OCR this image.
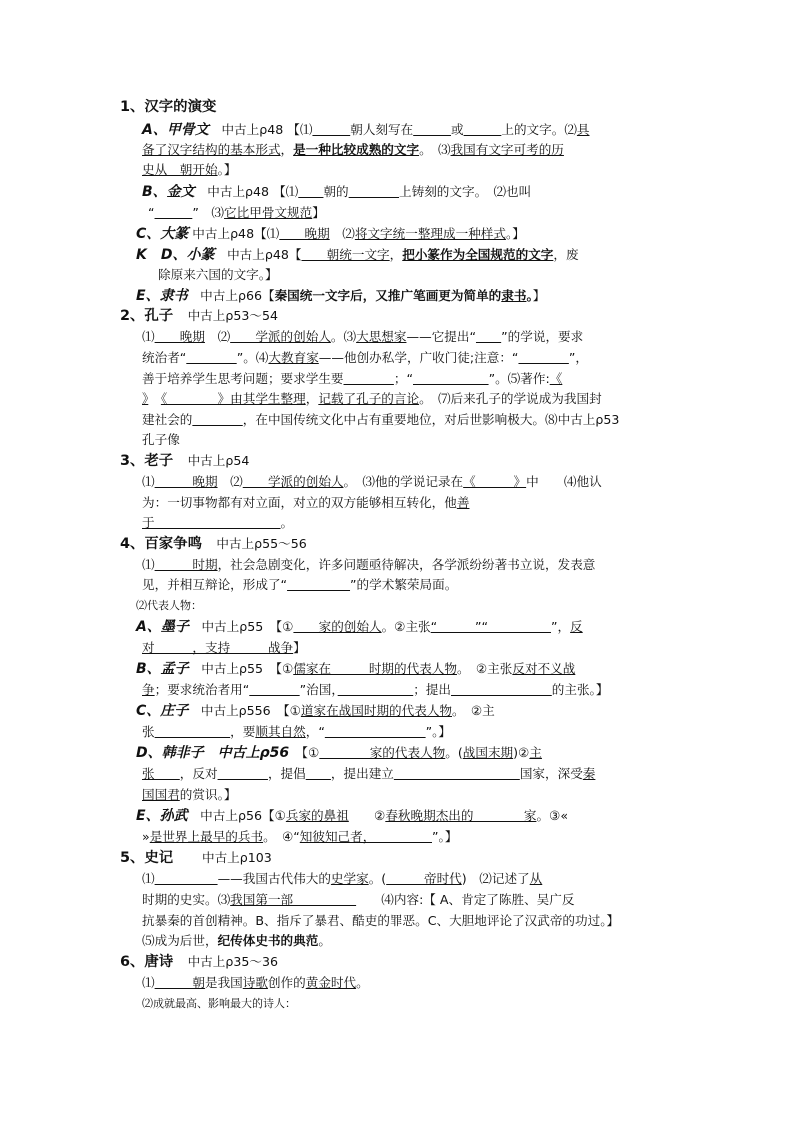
1、汉字的演变
A、甲骨文　中古上ρ48 【⑴　　　	朝人刻写在　　　	或　　　	上的文字。⑵具
备了汉字结构的基本形式，是一种比较成熟的文字。　⑶我国有文字可考的历
史从　朝开始。】
B、金文　中古上ρ48 【⑴　　 朝的　　　　	上铸刻的文字。　⑵也叫
“　　　	”　⑶它比甲骨文规范】
C、大篆 中古上ρ48【⑴　　晚期　⑵将文字统一整理成一种样式。】
K　D、小篆　中古上ρ48【　　朝统一文字，把小篆作为全国规范的文字，废
除原来六国的文字。】
E、隶书　中古上ρ66【秦国统一文字后，又推广笔画更为简单的隶书。】
2、孔子　中古上ρ53～54
⑴　　晚期　⑵　　学派的创始人。⑶大思想家——它提出“　　 ”的学说，要求
统治者“　　　　	”。⑷大教育家——他创办私学，广收门徒;注意：“　　　　	”，
善于培养学生思考问题；要求学生要　　　　	；“　　　　　　	”。⑸著作:《
》　 《　　　　》由其学生整理，记载了孔子的言论。　⑺后来孔子的学说成为我国封
建社会的　　　　	，在中国传统文化中占有重要地位，对后世影响极大。⑻中古上ρ53
孔子像
3、老子　中古上ρ54
⑴　　　晚期　⑵　　学派的创始人。　⑶他的学说记录在《　　　》中　　⑷他认
为：一切事物都有对立面，对立的双方能够相互转化，他善
于　　　　　　　　　　。
4、百家争鸣　中古上ρ55～56
⑴　　　时期，社会急剧变化，许多问题亟待解决，各学派纷纷著书立说，发表意
见，并相互辩论，形成了“　　　　　	”的学术繁荣局面。
⑵代表人物：
A、墨子　中古上ρ55　【①　　家的创始人。②主张“　　　”“　　　　　”，反
对　　　，支持　　　战争】
B、孟子　中古上ρ55　【①儒家在　　　时期的代表人物。　②主张反对不义战
争；要求统治者用“　　　　	”治国，　　　　　　	；提出　　　　　　　　	的主张。】
C、庄子　中古上ρ556　【①道家在战国时期的代表人物。　②主
张　　　　　　	，要顺其自然，“　　　　　　　　	”。】
D、韩非子　中古上ρ56　【①　　　　家的代表人物。(战国末期)②主
张　　，反对　　　　	，提倡　　 ，提出建立　　　　　　　　　　	国家，深受秦
国国君的赏识。】
E、孙武　中古上ρ56【①兵家的鼻祖　　②春秋晚期杰出的　　　　家。③«
»是世界上最早的兵书。　④“知彼知己者，　　　　　”。】
5、史记　　中古上ρ103
⑴　　　　　	——我国古代伟大的史学家。(　　　帝时代)　⑵记述了从
时期的史实。⑶我国第一部　　　　　　　⑷内容:【 A、肯定了陈胜、吴广反
抗暴秦的首创精神。B、指斥了暴君、酷吏的罪恶。C、大胆地评论了汉武帝的功过。】
⑸成为后世，纪传体史书的典范。
6、唐诗　中古上ρ35～36
⑴　　　朝是我国诗歌创作的黄金时代。
⑵成就最高、影响最大的诗人：
